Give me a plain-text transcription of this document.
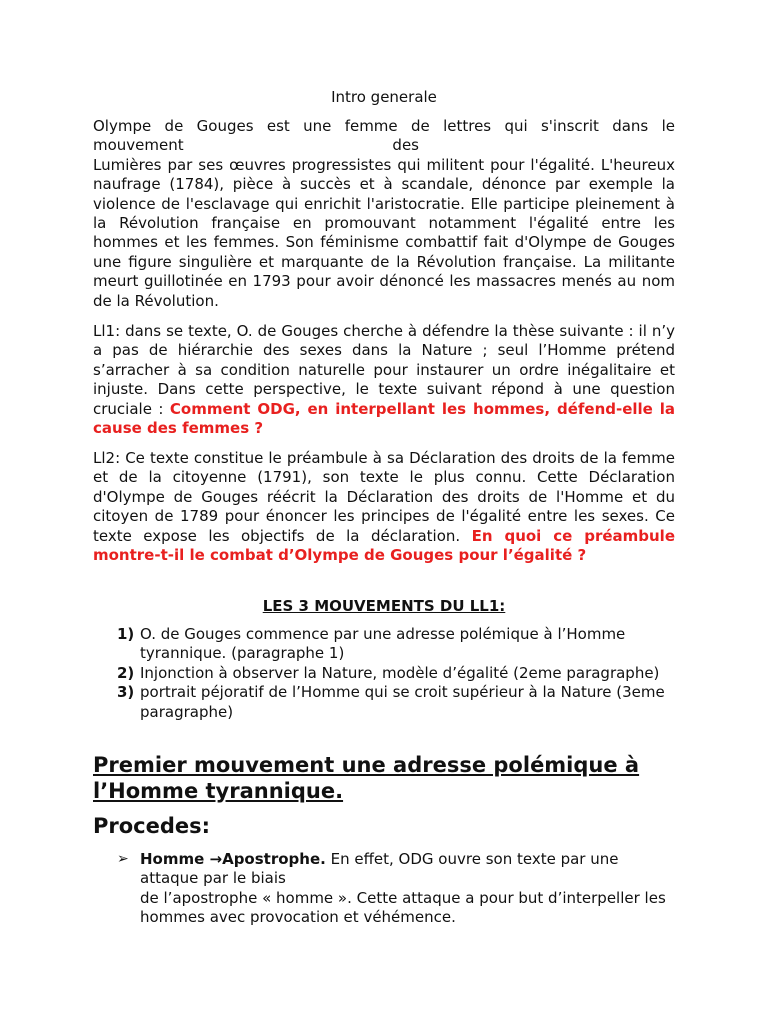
Intro generale
Olympe de Gouges est une femme de lettres qui s'inscrit dans le
mouvement	des
Lumières par ses œuvres progressistes qui militent pour l'égalité. L'heureux naufrage (1784), pièce à succès et à scandale, dénonce par exemple la violence de l'esclavage qui enrichit l'aristocratie. Elle participe pleinement à la Révolution française en promouvant notamment l'égalité entre les hommes et les femmes. Son féminisme combattif fait d'Olympe de Gouges une figure singulière et marquante de la Révolution française. La militante meurt guillotinée en 1793 pour avoir dénoncé les massacres menés au nom de la Révolution.
Ll1: dans se texte, O. de Gouges cherche à défendre la thèse suivante : il n’y a pas de hiérarchie des sexes dans la Nature ; seul l’Homme prétend s’arracher à sa condition naturelle pour instaurer un ordre inégalitaire et injuste. Dans cette perspective, le texte suivant répond à une question cruciale : Comment ODG, en interpellant les hommes, défend-elle la cause des femmes ?
Ll2: Ce texte constitue le préambule à sa Déclaration des droits de la femme et de la citoyenne (1791), son texte le plus connu. Cette Déclaration d'Olympe de Gouges réécrit la Déclaration des droits de l'Homme et du citoyen de 1789 pour énoncer les principes de l'égalité entre les sexes. Ce texte expose les objectifs de la déclaration. En quoi ce préambule montre-t-il le combat d’Olympe de Gouges pour l’égalité ?
LES 3 MOUVEMENTS DU LL1:
1) O. de Gouges commence par une adresse polémique à l’Homme tyrannique. (paragraphe 1)
2) Injonction à observer la Nature, modèle d’égalité (2eme paragraphe)
3) portrait péjoratif de l’Homme qui se croit supérieur à la Nature (3eme paragraphe)
Premier mouvement une adresse polémique à l’Homme tyrannique.
Procedes:
➢ Homme →Apostrophe. En effet, ODG ouvre son texte par une attaque par le biais
de l’apostrophe « homme ». Cette attaque a pour but d’interpeller les hommes avec provocation et véhémence.
